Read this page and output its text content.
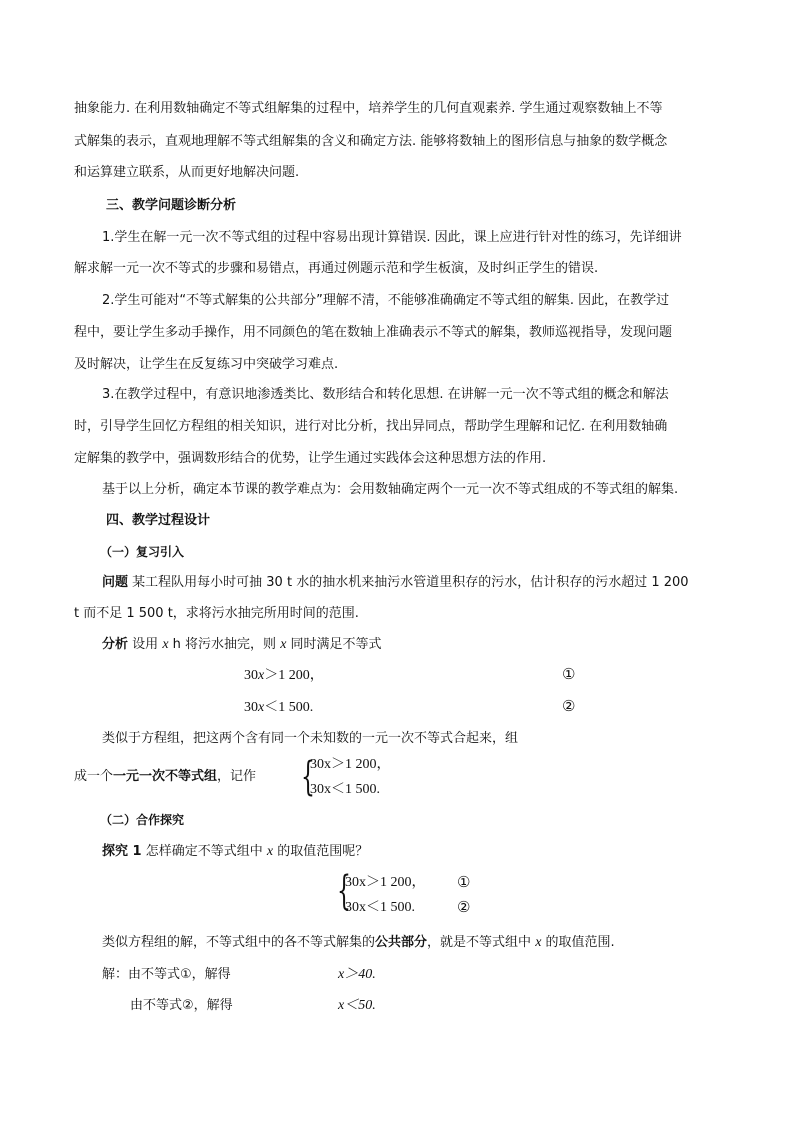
抽象能力. 在利用数轴确定不等式组解集的过程中，培养学生的几何直观素养. 学生通过观察数轴上不等
式解集的表示，直观地理解不等式组解集的含义和确定方法. 能够将数轴上的图形信息与抽象的数学概念
和运算建立联系，从而更好地解决问题.
三、教学问题诊断分析
1.学生在解一元一次不等式组的过程中容易出现计算错误. 因此，课上应进行针对性的练习，先详细讲
解求解一元一次不等式的步骤和易错点，再通过例题示范和学生板演，及时纠正学生的错误.
2.学生可能对“不等式解集的公共部分”理解不清，不能够准确确定不等式组的解集. 因此，在教学过
程中，要让学生多动手操作，用不同颜色的笔在数轴上准确表示不等式的解集，教师巡视指导，发现问题
及时解决，让学生在反复练习中突破学习难点.
3.在教学过程中，有意识地渗透类比、数形结合和转化思想. 在讲解一元一次不等式组的概念和解法
时，引导学生回忆方程组的相关知识，进行对比分析，找出异同点，帮助学生理解和记忆. 在利用数轴确
定解集的教学中，强调数形结合的优势，让学生通过实践体会这种思想方法的作用.
基于以上分析，确定本节课的教学难点为：会用数轴确定两个一元一次不等式组成的不等式组的解集.
四、教学过程设计
（一）复习引入
问题 某工程队用每小时可抽 30 t 水的抽水机来抽污水管道里积存的污水，估计积存的污水超过 1 200
t 而不足 1 500 t，求将污水抽完所用时间的范围.
分析 设用 x h 将污水抽完，则 x 同时满足不等式
30x＞1 200，	①
30x＜1 500.	②
类似于方程组，把这两个含有同一个未知数的一元一次不等式合起来，组
成一个一元一次不等式组，记作 {
30x＞1 200，
30x＜1 500.
（二）合作探究
探究 1 怎样确定不等式组中 x 的取值范围呢？
{
30x＞1 200， ①
30x＜1 500.	②
类似方程组的解，不等式组中的各不等式解集的公共部分，就是不等式组中 x 的取值范围.
解：由不等式①，解得	x＞40.
由不等式②，解得	x＜50.
